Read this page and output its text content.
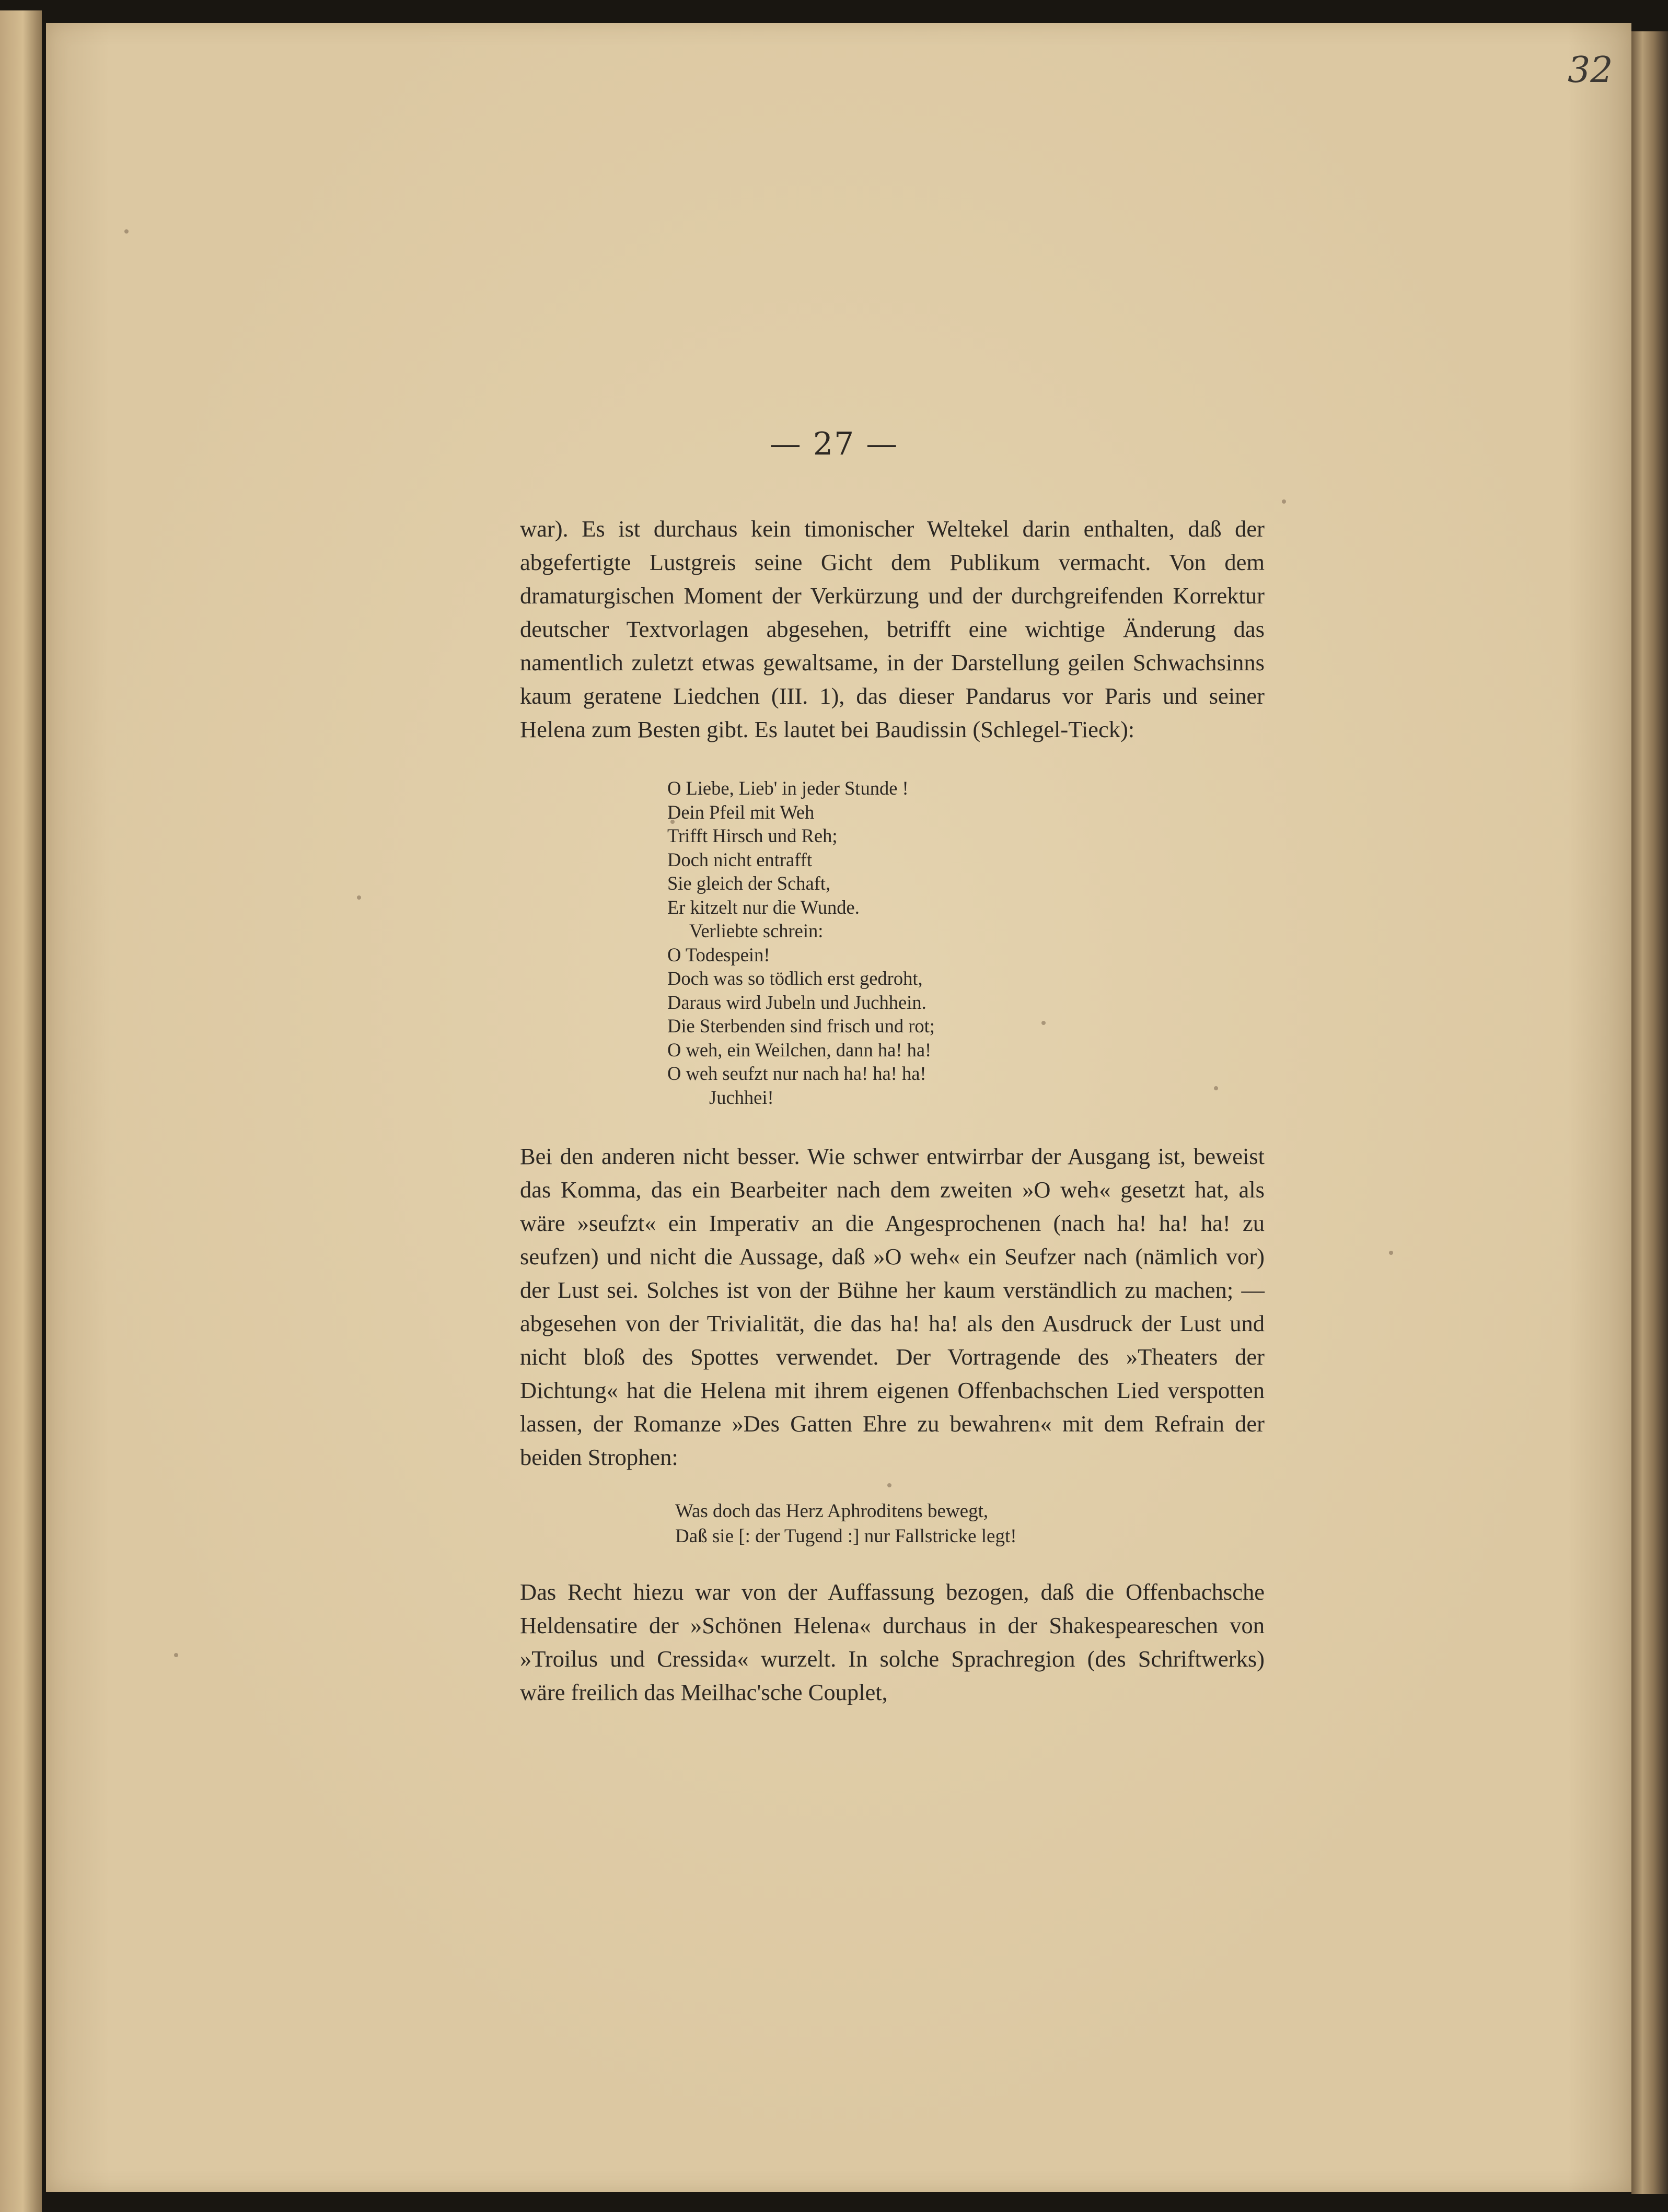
32
— 27 —

war). Es ist durchaus kein timonischer Weltekel darin enthalten, daß der abgefertigte Lustgreis seine Gicht dem Publikum vermacht. Von dem dramaturgischen Moment der Verkürzung und der durchgreifenden Korrektur deutscher Textvorlagen abgesehen, betrifft eine wichtige Änderung das namentlich zuletzt etwas gewaltsame, in der Darstellung geilen Schwachsinns kaum geratene Liedchen (III. 1), das dieser Pandarus vor Paris und seiner Helena zum Besten gibt. Es lautet bei Baudissin (Schlegel-Tieck):

O Liebe, Lieb' in jeder Stunde !
Dein Pfeil mit Weh
Trifft Hirsch und Reh;
Doch nicht entrafft
Sie gleich der Schaft,
Er kitzelt nur die Wunde.
Verliebte schrein:
O Todespein!
Doch was so tödlich erst gedroht,
Daraus wird Jubeln und Juchhein.
Die Sterbenden sind frisch und rot;
O weh, ein Weilchen, dann ha! ha!
O weh seufzt nur nach ha! ha! ha!
Juchhei!

Bei den anderen nicht besser. Wie schwer entwirrbar der Ausgang ist, beweist das Komma, das ein Bearbeiter nach dem zweiten »O weh« gesetzt hat, als wäre »seufzt« ein Imperativ an die Angesprochenen (nach ha! ha! ha! zu seufzen) und nicht die Aussage, daß »O weh« ein Seufzer nach (nämlich vor) der Lust sei. Solches ist von der Bühne her kaum verständlich zu machen; — abgesehen von der Trivialität, die das ha! ha! als den Ausdruck der Lust und nicht bloß des Spottes verwendet. Der Vortragende des »Theaters der Dichtung« hat die Helena mit ihrem eigenen Offenbachschen Lied verspotten lassen, der Romanze »Des Gatten Ehre zu bewahren« mit dem Refrain der beiden Strophen:

Was doch das Herz Aphroditens bewegt,
Daß sie [: der Tugend :] nur Fallstricke legt!

Das Recht hiezu war von der Auffassung bezogen, daß die Offenbachsche Heldensatire der »Schönen Helena« durchaus in der Shakespeareschen von »Troilus und Cressida« wurzelt. In solche Sprachregion (des Schriftwerks) wäre freilich das Meilhac'sche Couplet,
